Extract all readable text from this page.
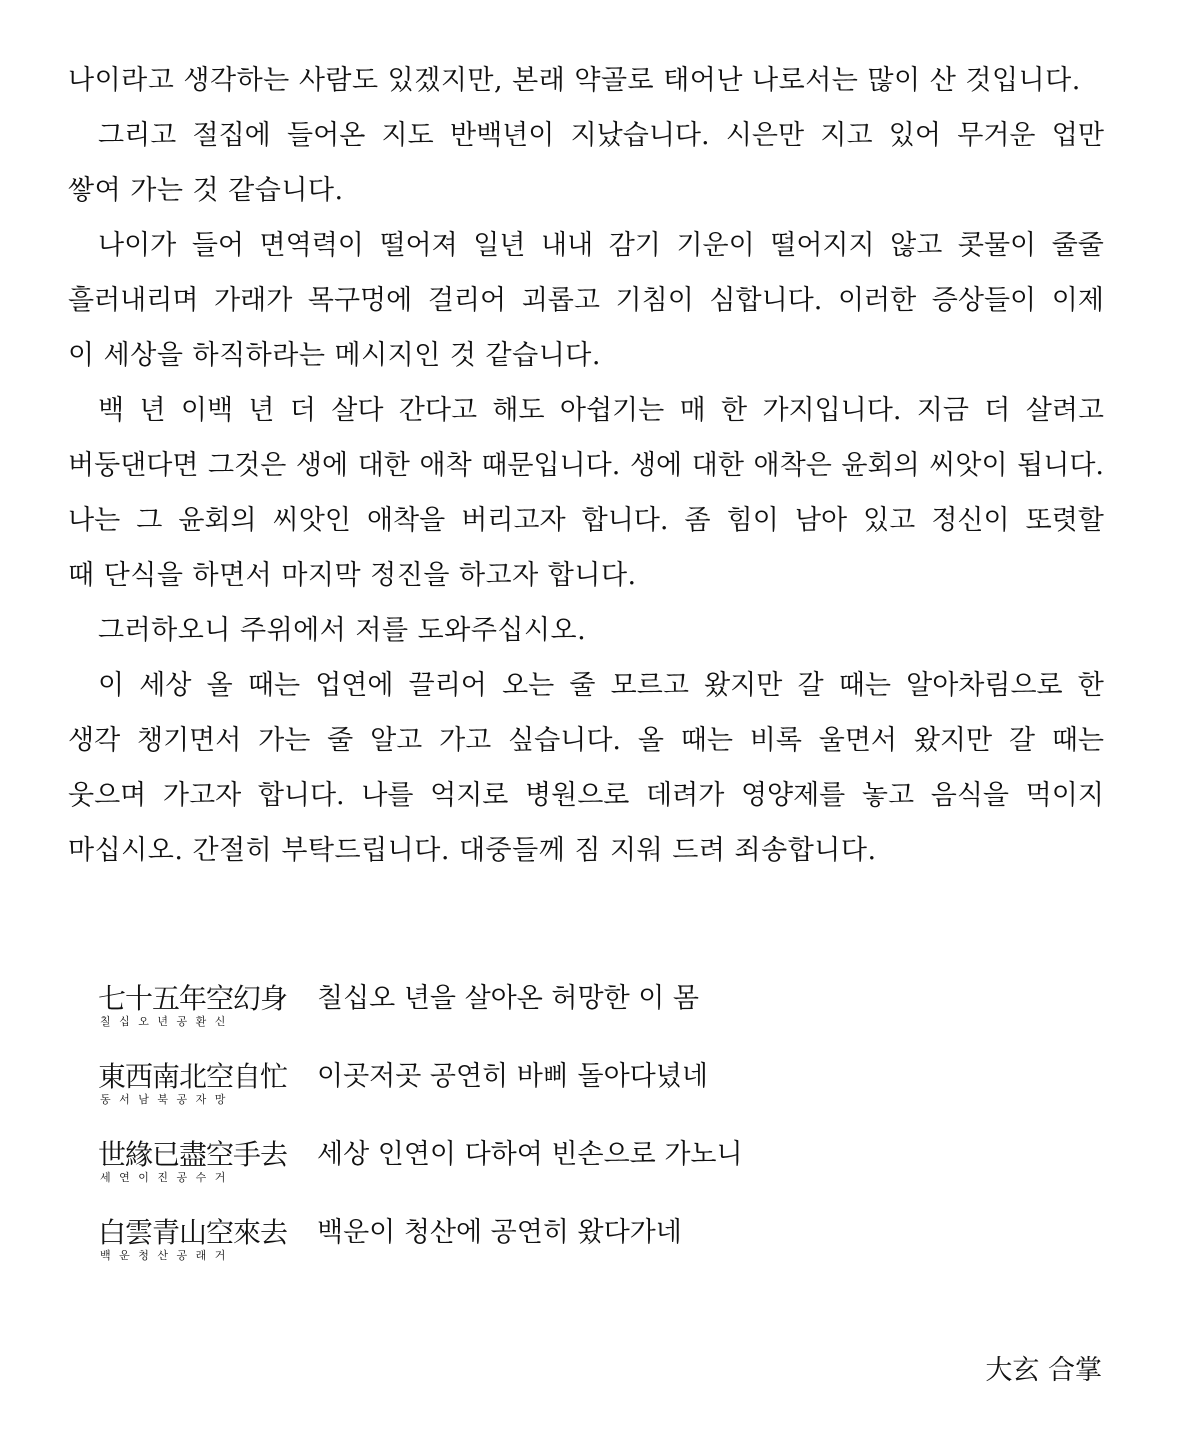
나이라고 생각하는 사람도 있겠지만, 본래 약골로 태어난 나로서는 많이 산 것입니다.
그리고 절집에 들어온 지도 반백년이 지났습니다. 시은만 지고 있어 무거운 업만
쌓여 가는 것 같습니다.
나이가 들어 면역력이 떨어져 일년 내내 감기 기운이 떨어지지 않고 콧물이 줄줄
흘러내리며 가래가 목구멍에 걸리어 괴롭고 기침이 심합니다. 이러한 증상들이 이제
이 세상을 하직하라는 메시지인 것 같습니다.
백 년 이백 년 더 살다 간다고 해도 아쉽기는 매 한 가지입니다. 지금 더 살려고
버둥댄다면 그것은 생에 대한 애착 때문입니다. 생에 대한 애착은 윤회의 씨앗이 됩니다.
나는 그 윤회의 씨앗인 애착을 버리고자 합니다. 좀 힘이 남아 있고 정신이 또렷할
때 단식을 하면서 마지막 정진을 하고자 합니다.
그러하오니 주위에서 저를 도와주십시오.
이 세상 올 때는 업연에 끌리어 오는 줄 모르고 왔지만 갈 때는 알아차림으로 한
생각 챙기면서 가는 줄 알고 가고 싶습니다. 올 때는 비록 울면서 왔지만 갈 때는
웃으며 가고자 합니다. 나를 억지로 병원으로 데려가 영양제를 놓고 음식을 먹이지
마십시오. 간절히 부탁드립니다. 대중들께 짐 지워 드려 죄송합니다.
七十五年空幻身
칠십오년공환신
칠십오 년을 살아온 허망한 이 몸
東西南北空自忙
동서남북공자망
이곳저곳 공연히 바삐 돌아다녔네
世緣已盡空手去
세연이진공수거
세상 인연이 다하여 빈손으로 가노니
白雲青山空來去
백운청산공래거
백운이 청산에 공연히 왔다가네
大玄 合掌
